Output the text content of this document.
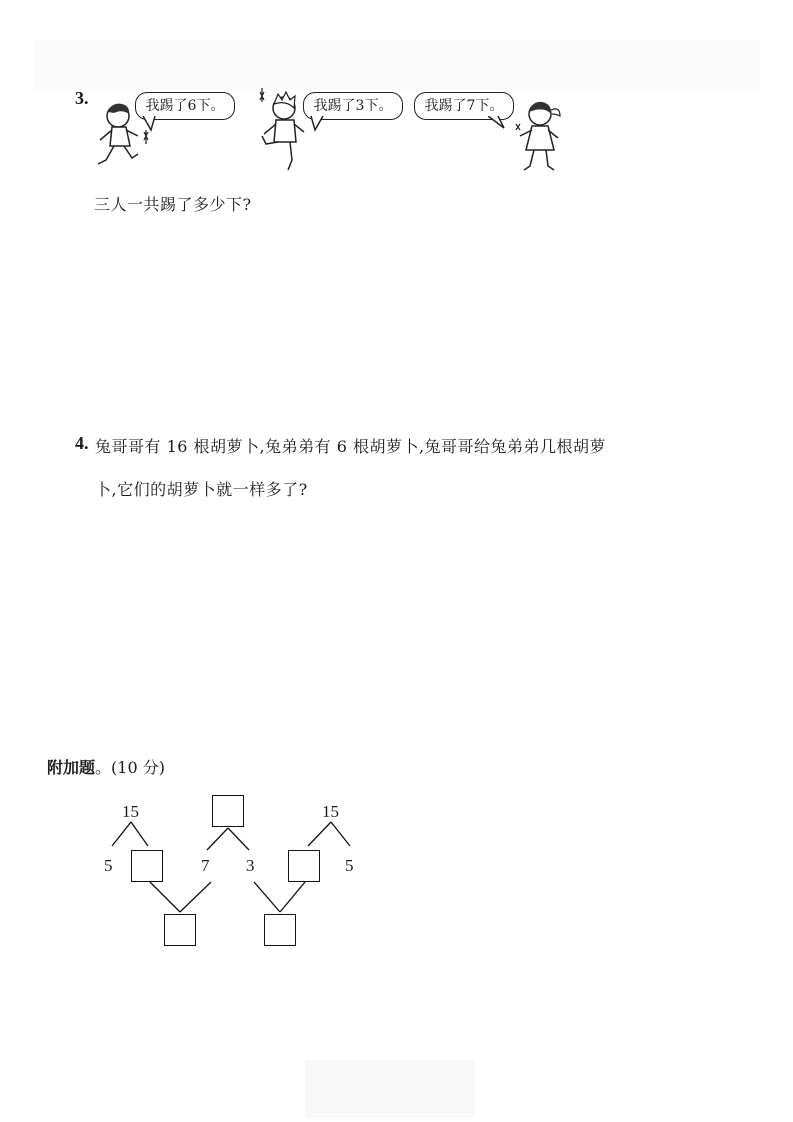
3.	我踢了6下。	我踢了3下。	我踢了7下。
三人一共踢了多少下?
4. 兔哥哥有 16 根胡萝卜,兔弟弟有 6 根胡萝卜,兔哥哥给兔弟弟几根胡萝
卜,它们的胡萝卜就一样多了?
附加题。(10 分)
15
5	7 3
15
5
